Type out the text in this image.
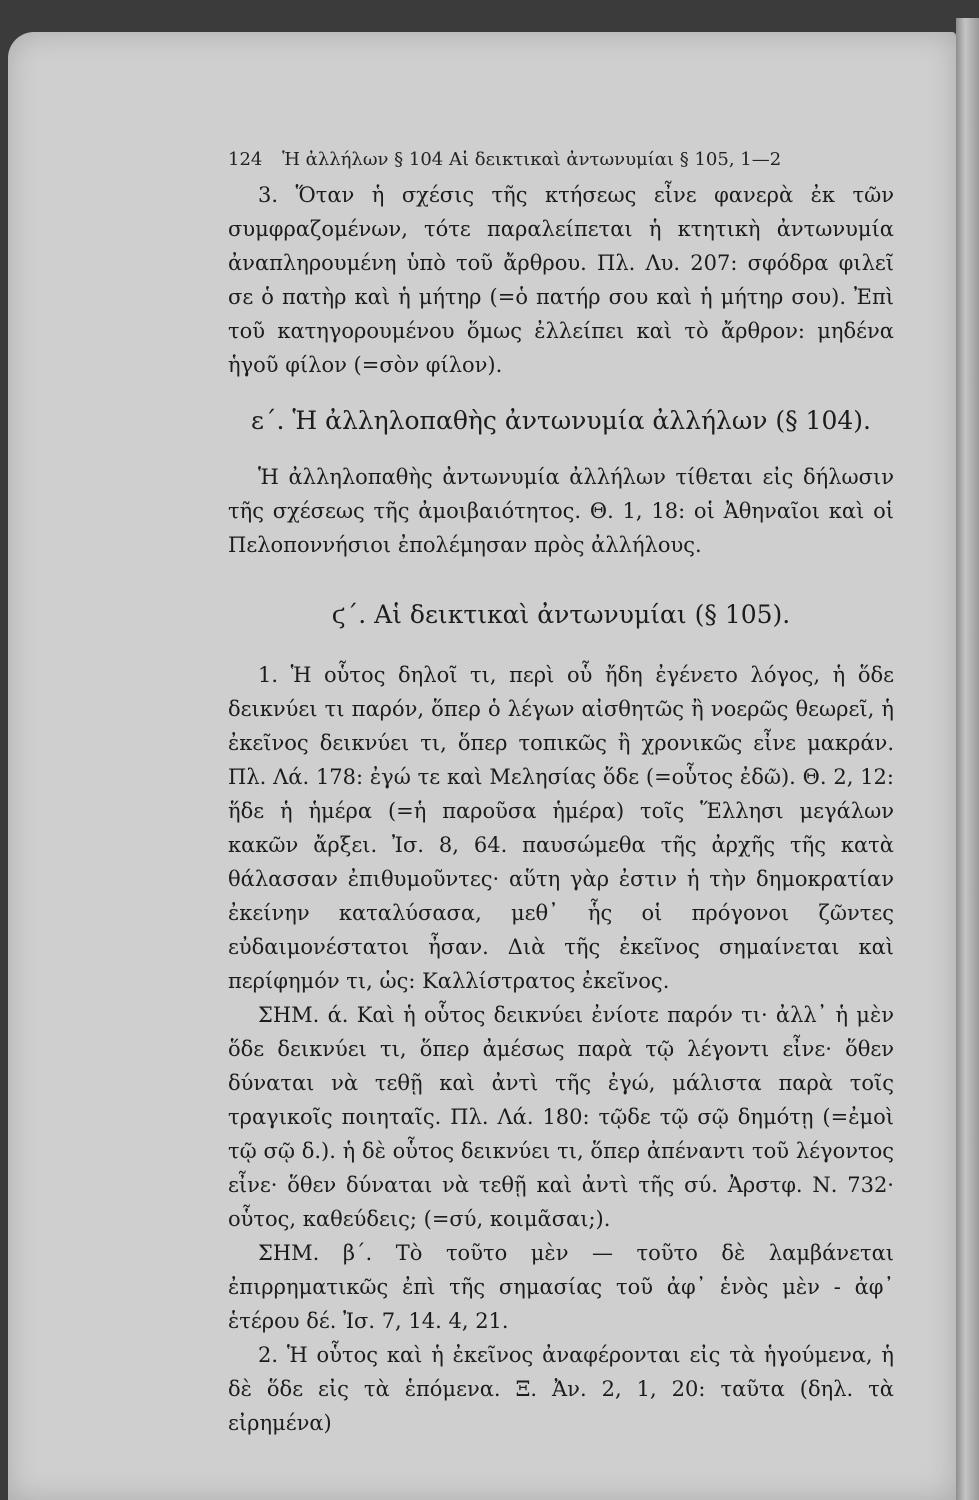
124 Ἡ ἀλλήλων § 104 Αἱ δεικτικαὶ ἀντωνυμίαι § 105, 1—2

3. Ὅταν ἡ σχέσις τῆς κτήσεως εἶνε φανερὰ ἐκ τῶν συμφραζομένων, τότε παραλείπεται ἡ κτητικὴ ἀντωνυμία ἀναπληρουμένη ὑπὸ τοῦ ἄρθρου. Πλ. Λυ. 207: σφόδρα φιλεῖ σε ὁ πατὴρ καὶ ἡ μήτηρ (=ὁ πατήρ σου καὶ ἡ μήτηρ σου). Ἐπὶ τοῦ κατηγορουμένου ὅμως ἐλλείπει καὶ τὸ ἄρθρον: μηδένα ἡγοῦ φίλον (=σὸν φίλον).

ε΄. Ἡ ἀλληλοπαθὴς ἀντωνυμία ἀλλήλων (§ 104).

Ἡ ἀλληλοπαθὴς ἀντωνυμία ἀλλήλων τίθεται εἰς δήλωσιν τῆς σχέσεως τῆς ἀμοιβαιότητος. Θ. 1, 18: οἱ Ἀθηναῖοι καὶ οἱ Πελοποννήσιοι ἐπολέμησαν πρὸς ἀλλήλους.

ϛ΄. Αἱ δεικτικαὶ ἀντωνυμίαι (§ 105).

1. Ἡ οὗτος δηλοῖ τι, περὶ οὗ ἤδη ἐγένετο λόγος, ἡ ὅδε δεικνύει τι παρόν, ὅπερ ὁ λέγων αἰσθητῶς ἢ νοερῶς θεωρεῖ, ἡ ἐκεῖνος δεικνύει τι, ὅπερ τοπικῶς ἢ χρονικῶς εἶνε μακράν. Πλ. Λά. 178: ἐγώ τε καὶ Μελησίας ὅδε (=οὗτος ἐδῶ). Θ. 2, 12: ἥδε ἡ ἡμέρα (=ἡ παροῦσα ἡμέρα) τοῖς Ἕλλησι μεγάλων κακῶν ἄρξει. Ἰσ. 8, 64. παυσώμεθα τῆς ἀρχῆς τῆς κατὰ θάλασσαν ἐπιθυμοῦντες· αὕτη γὰρ ἐστιν ἡ τὴν δημοκρατίαν ἐκείνην καταλύσασα, μεθ᾽ ἧς οἱ πρόγονοι ζῶντες εὐδαιμονέστατοι ἦσαν. Διὰ τῆς ἐκεῖνος σημαίνεται καὶ περίφημόν τι, ὡς: Καλλίστρατος ἐκεῖνος.

ΣΗΜ. ά. Καὶ ἡ οὗτος δεικνύει ἐνίοτε παρόν τι· ἀλλ᾽ ἡ μὲν ὅδε δεικνύει τι, ὅπερ ἀμέσως παρὰ τῷ λέγοντι εἶνε· ὅθεν δύναται νὰ τεθῇ καὶ ἀντὶ τῆς ἐγώ, μάλιστα παρὰ τοῖς τραγικοῖς ποιηταῖς. Πλ. Λά. 180: τῷδε τῷ σῷ δημότῃ (=ἐμοὶ τῷ σῷ δ.). ἡ δὲ οὗτος δεικνύει τι, ὅπερ ἀπέναντι τοῦ λέγοντος εἶνε· ὅθεν δύναται νὰ τεθῇ καὶ ἀντὶ τῆς σύ. Ἀρστφ. Ν. 732· οὗτος, καθεύδεις; (=σύ, κοιμᾶσαι;).

ΣΗΜ. β΄. Τὸ τοῦτο μὲν — τοῦτο δὲ λαμβάνεται ἐπιρρηματικῶς ἐπὶ τῆς σημασίας τοῦ ἀφ᾽ ἑνὸς μὲν - ἀφ᾽ ἑτέρου δέ. Ἰσ. 7, 14. 4, 21.

2. Ἡ οὗτος καὶ ἡ ἐκεῖνος ἀναφέρονται εἰς τὰ ἡγούμενα, ἡ δὲ ὅδε εἰς τὰ ἑπόμενα. Ξ. Ἀν. 2, 1, 20: ταῦτα (δηλ. τὰ εἰρημένα)
